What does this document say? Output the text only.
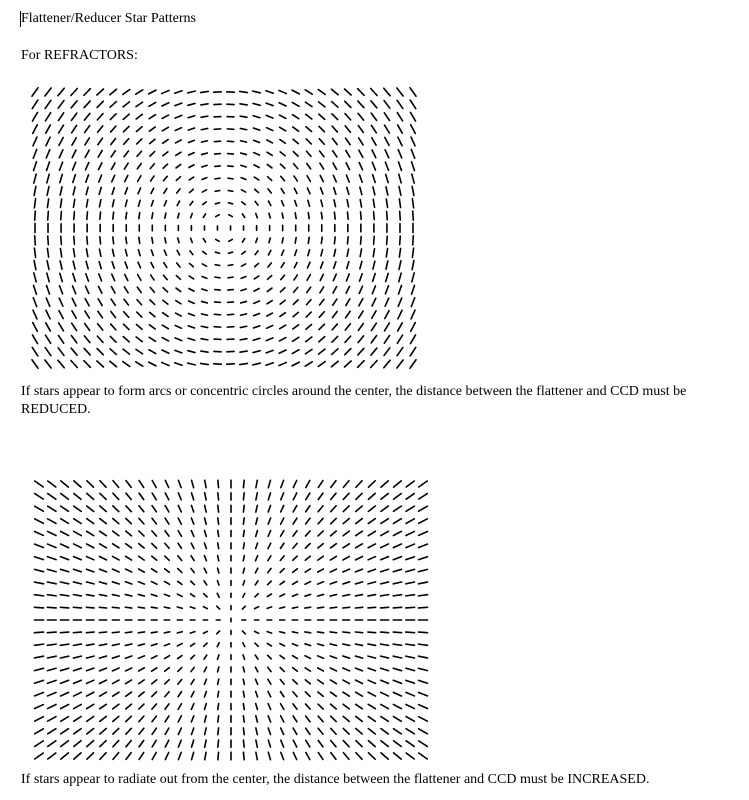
Flattener/Reducer Star Patterns
For REFRACTORS:
If stars appear to form arcs or concentric circles around the center, the distance between the flattener and CCD must be REDUCED.
If stars appear to radiate out from the center, the distance between the flattener and CCD must be INCREASED.
